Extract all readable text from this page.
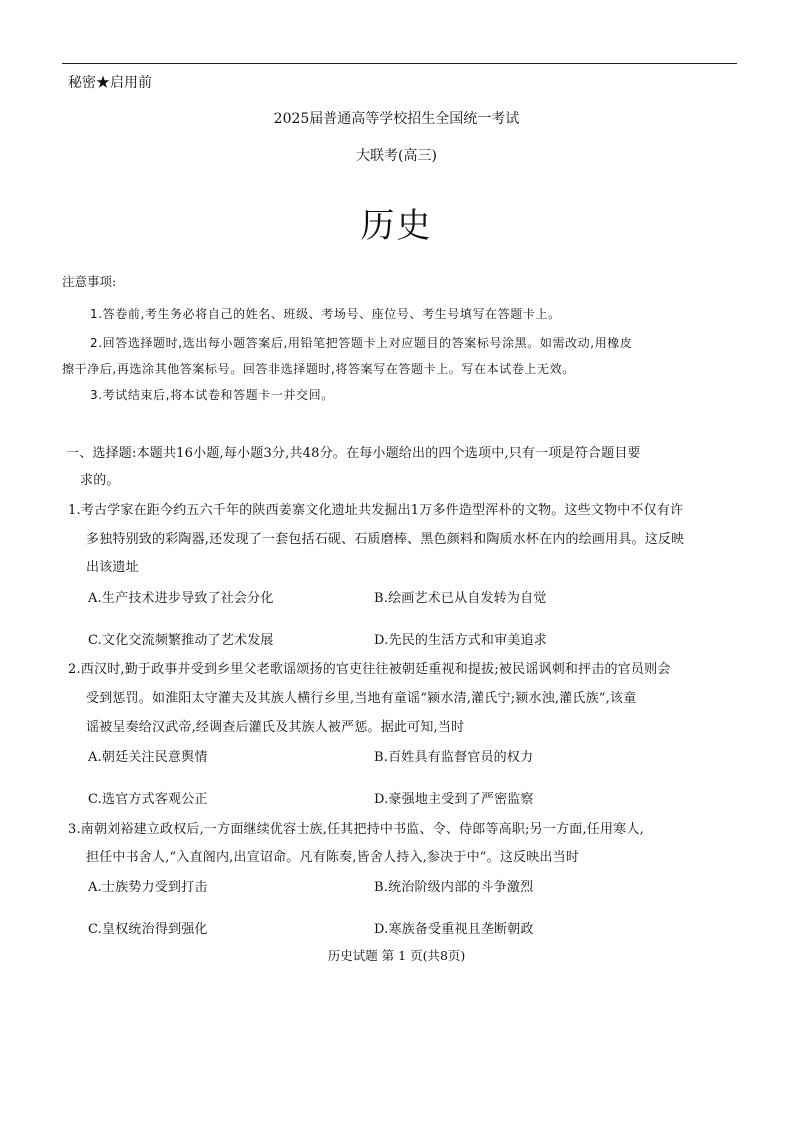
秘密★启用前
2025届普通高等学校招生全国统一考试
大联考(高三)
历史
注意事项:
1.答卷前,考生务必将自己的姓名、班级、考场号、座位号、考生号填写在答题卡上。
2.回答选择题时,选出每小题答案后,用铅笔把答题卡上对应题目的答案标号涂黑。如需改动,用橡皮
擦干净后,再选涂其他答案标号。回答非选择题时,将答案写在答题卡上。写在本试卷上无效。
3.考试结束后,将本试卷和答题卡一并交回。
一、选择题:本题共16小题,每小题3分,共48分。在每小题给出的四个选项中,只有一项是符合题目要
求的。
1.考古学家在距今约五六千年的陕西姜寨文化遗址共发掘出1万多件造型浑朴的文物。这些文物中不仅有许
多独特别致的彩陶器,还发现了一套包括石砚、石质磨棒、黑色颜料和陶质水杯在内的绘画用具。这反映
出该遗址
A.生产技术进步导致了社会分化	B.绘画艺术已从自发转为自觉
C.文化交流频繁推动了艺术发展	D.先民的生活方式和审美追求
2.西汉时,勤于政事并受到乡里父老歌谣颂扬的官吏往往被朝廷重视和提拔;被民谣讽刺和抨击的官员则会
受到惩罚。如淮阳太守灌夫及其族人横行乡里,当地有童谣“颍水清,灌氏宁;颍水浊,灌氏族”,该童
谣被呈奏给汉武帝,经调查后灌氏及其族人被严惩。据此可知,当时
A.朝廷关注民意舆情	B.百姓具有监督官员的权力
C.选官方式客观公正	D.豪强地主受到了严密监察
3.南朝刘裕建立政权后,一方面继续优容士族,任其把持中书监、令、侍郎等高职;另一方面,任用寒人,
担任中书舍人,“入直阁内,出宣诏命。凡有陈奏,皆舍人持入,参决于中”。这反映出当时
A.士族势力受到打击	B.统治阶级内部的斗争激烈
C.皇权统治得到强化	D.寒族备受重视且垄断朝政
历史试题 第 1 页(共8页)
